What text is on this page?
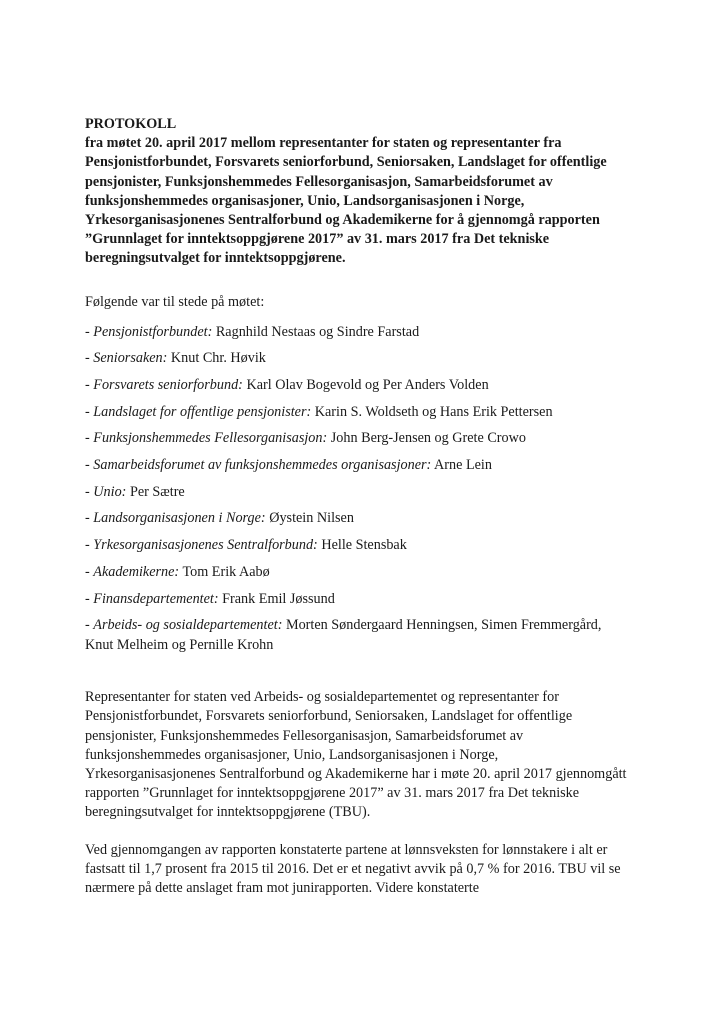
PROTOKOLL
fra møtet 20. april 2017 mellom representanter for staten og representanter fra Pensjonistforbundet, Forsvarets seniorforbund, Seniorsaken, Landslaget for offentlige pensjonister, Funksjonshemmedes Fellesorganisasjon, Samarbeidsforumet av funksjonshemmedes organisasjoner, Unio, Landsorganisasjonen i Norge, Yrkesorganisasjonenes Sentralforbund og Akademikerne for å gjennomgå rapporten ”Grunnlaget for inntektsoppgjørene 2017” av 31. mars 2017 fra Det tekniske beregningsutvalget for inntektsoppgjørene.

Følgende var til stede på møtet:

- Pensjonistforbundet: Ragnhild Nestaas og Sindre Farstad
- Seniorsaken: Knut Chr. Høvik
- Forsvarets seniorforbund: Karl Olav Bogevold og Per Anders Volden
- Landslaget for offentlige pensjonister: Karin S. Woldseth og Hans Erik Pettersen
- Funksjonshemmedes Fellesorganisasjon: John Berg-Jensen og Grete Crowo
- Samarbeidsforumet av funksjonshemmedes organisasjoner: Arne Lein
- Unio: Per Sætre
- Landsorganisasjonen i Norge: Øystein Nilsen
- Yrkesorganisasjonenes Sentralforbund: Helle Stensbak
- Akademikerne: Tom Erik Aabø
- Finansdepartementet: Frank Emil Jøssund
- Arbeids- og sosialdepartementet: Morten Søndergaard Henningsen, Simen Fremmergård, Knut Melheim og Pernille Krohn

Representanter for staten ved Arbeids- og sosialdepartementet og representanter for Pensjonistforbundet, Forsvarets seniorforbund, Seniorsaken, Landslaget for offentlige pensjonister, Funksjonshemmedes Fellesorganisasjon, Samarbeidsforumet av funksjonshemmedes organisasjoner, Unio, Landsorganisasjonen i Norge, Yrkesorganisasjonenes Sentralforbund og Akademikerne har i møte 20. april 2017 gjennomgått rapporten ”Grunnlaget for inntektsoppgjørene 2017” av 31. mars 2017 fra Det tekniske beregningsutvalget for inntektsoppgjørene (TBU).

Ved gjennomgangen av rapporten konstaterte partene at lønnsveksten for lønnstakere i alt er fastsatt til 1,7 prosent fra 2015 til 2016. Det er et negativt avvik på 0,7 % for 2016. TBU vil se nærmere på dette anslaget fram mot junirapporten. Videre konstaterte
